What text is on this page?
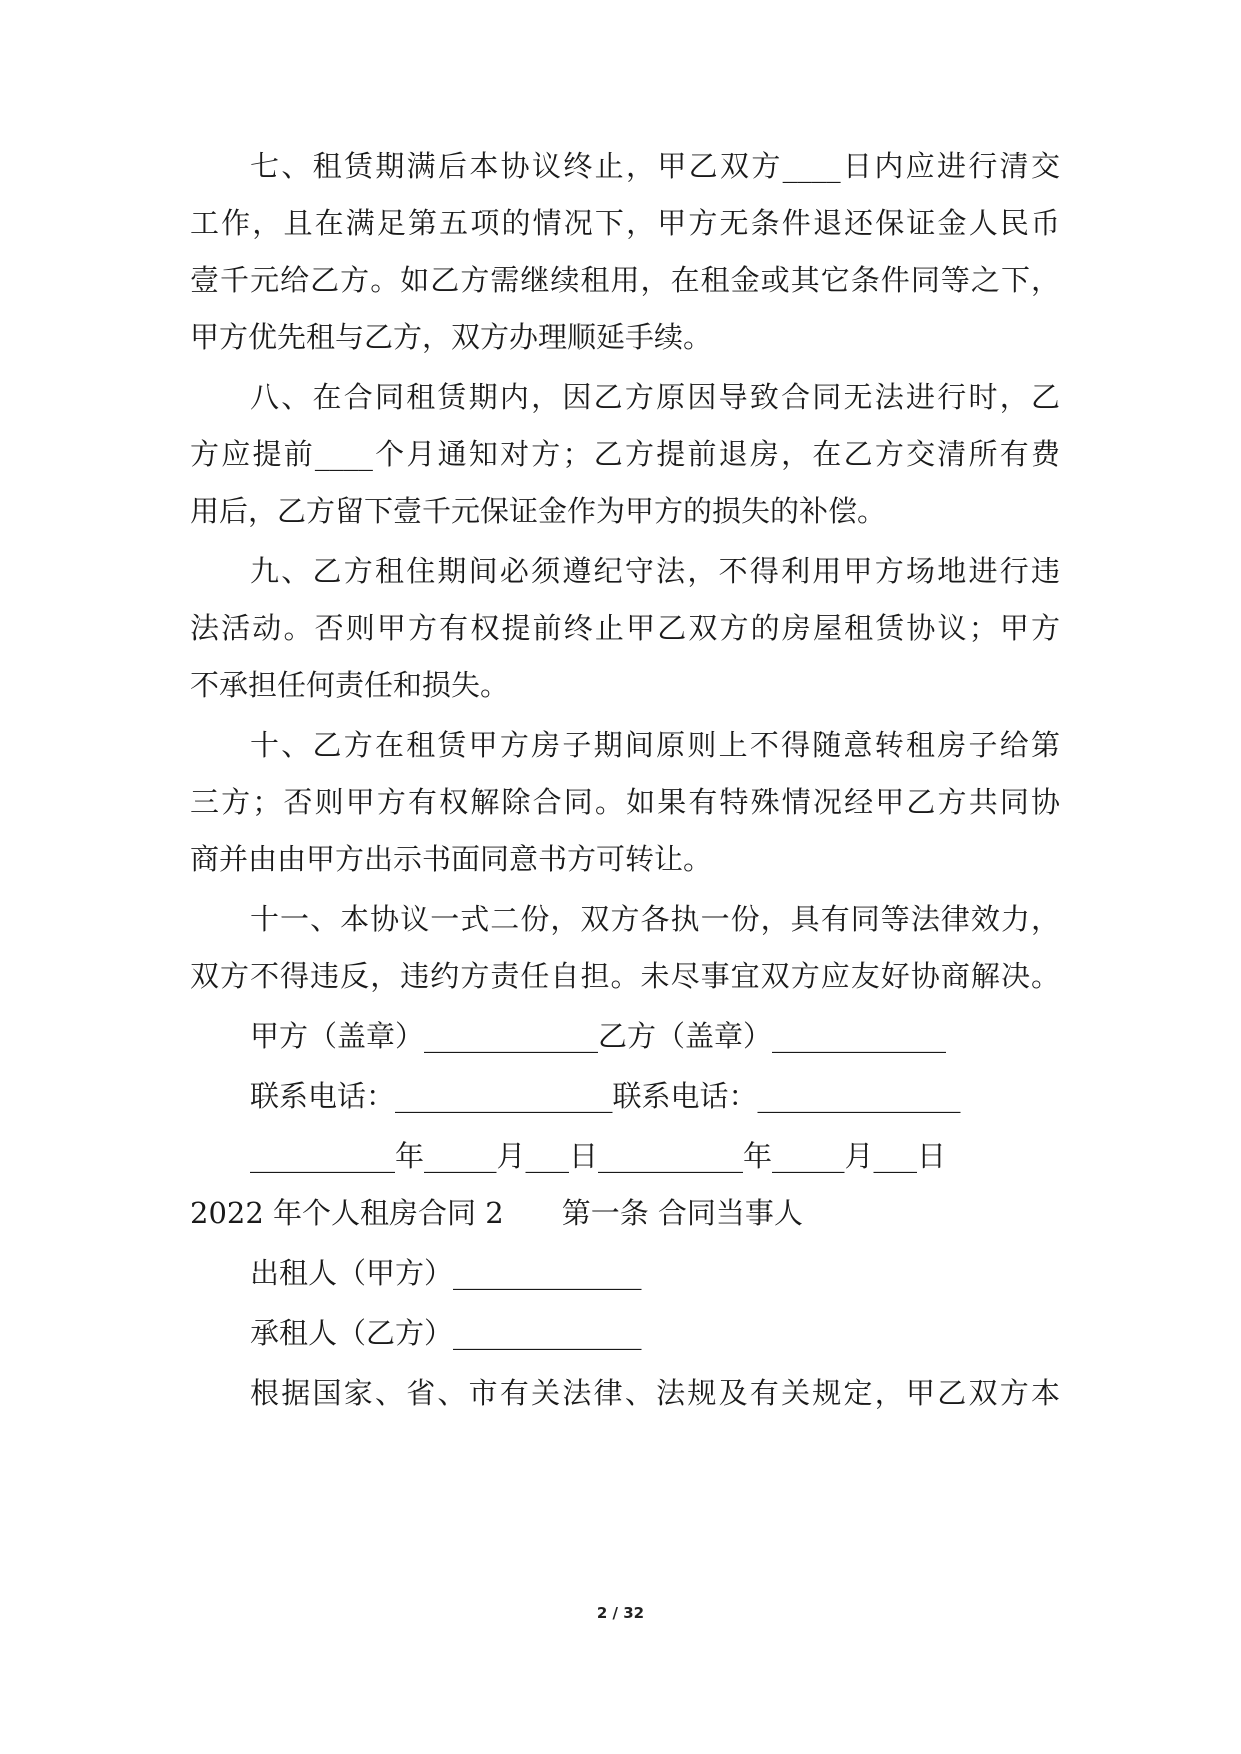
七、租赁期满后本协议终止，甲乙双方____日内应进行清交
工作，且在满足第五项的情况下，甲方无条件退还保证金人民币
壹千元给乙方。如乙方需继续租用，在租金或其它条件同等之下，
甲方优先租与乙方，双方办理顺延手续。
八、在合同租赁期内，因乙方原因导致合同无法进行时，乙
方应提前____个月通知对方；乙方提前退房，在乙方交清所有费
用后，乙方留下壹千元保证金作为甲方的损失的补偿。
九、乙方租住期间必须遵纪守法，不得利用甲方场地进行违
法活动。否则甲方有权提前终止甲乙双方的房屋租赁协议；甲方
不承担任何责任和损失。
十、乙方在租赁甲方房子期间原则上不得随意转租房子给第
三方；否则甲方有权解除合同。如果有特殊情况经甲乙方共同协
商并由由甲方出示书面同意书方可转让。
十一、本协议一式二份，双方各执一份，具有同等法律效力，
双方不得违反，违约方责任自担。未尽事宜双方应友好协商解决。
甲方（盖章）____________乙方（盖章）____________
联系电话：_______________联系电话：______________
__________年_____月___日__________年_____月___日
2022 年个人租房合同 2　　第一条 合同当事人
出租人（甲方）_____________
承租人（乙方）_____________
根据国家、省、市有关法律、法规及有关规定，甲乙双方本
2 / 32
